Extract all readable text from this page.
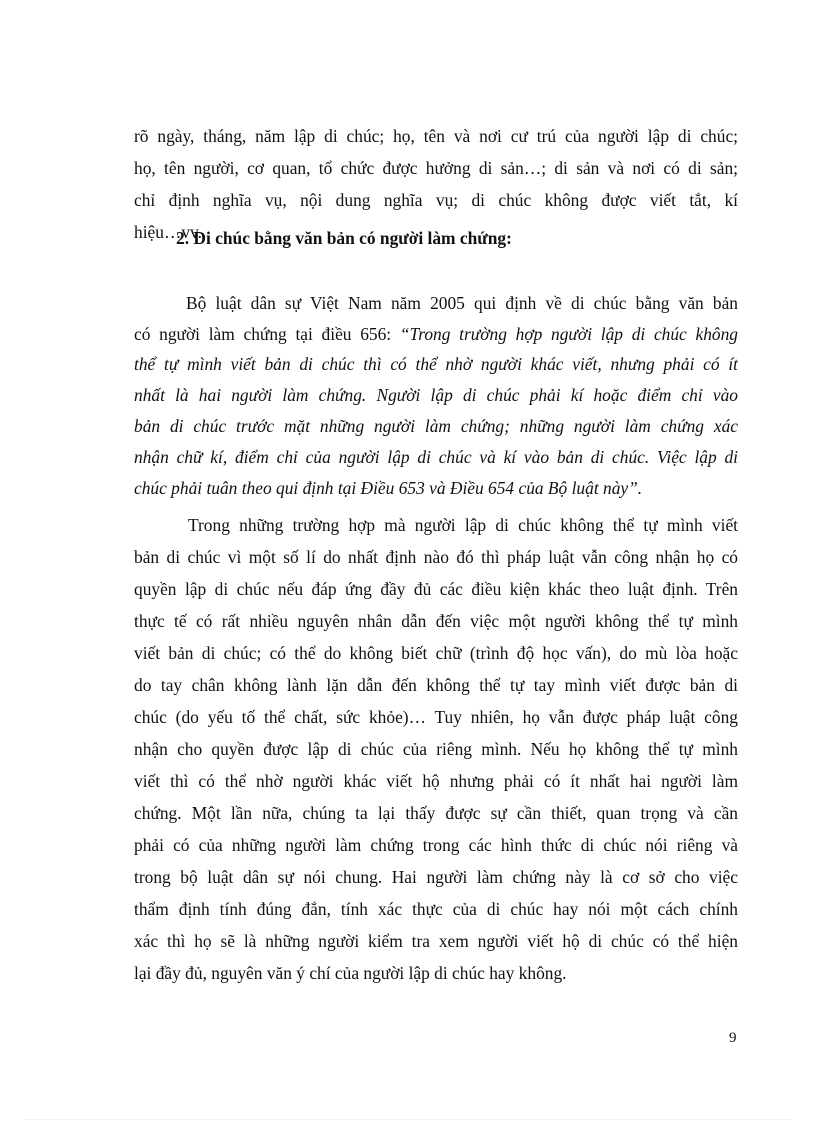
rõ ngày, tháng, năm lập di chúc; họ, tên và nơi cư trú của người lập di chúc;
họ, tên người, cơ quan, tổ chức được hưởng di sản…; di sản và nơi có di sản;
chỉ định nghĩa vụ, nội dung nghĩa vụ; di chúc không được viết tắt, kí
hiệu…vv.
2. Di chúc bằng văn bản có người làm chứng:
Bộ luật dân sự Việt Nam năm 2005 qui định về di chúc bằng văn bản
có người làm chứng tại điều 656: “Trong trường hợp người lập di chúc không
thể tự mình viết bản di chúc thì có thể nhờ người khác viết, nhưng phải có ít
nhất là hai người làm chứng. Người lập di chúc phải kí hoặc điểm chỉ vào
bản di chúc trước mặt những người làm chứng; những người làm chứng xác
nhận chữ kí, điểm chỉ của người lập di chúc và kí vào bản di chúc. Việc lập di
chúc phải tuân theo qui định tại Điều 653 và Điều 654 của Bộ luật này”.
Trong những trường hợp mà người lập di chúc không thể tự mình viết
bản di chúc vì một số lí do nhất định nào đó thì pháp luật vẫn công nhận họ có
quyền lập di chúc nếu đáp ứng đầy đủ các điều kiện khác theo luật định. Trên
thực tế có rất nhiều nguyên nhân dẫn đến việc một người không thể tự mình
viết bản di chúc; có thể do không biết chữ (trình độ học vấn), do mù lòa hoặc
do tay chân không lành lặn dẫn đến không thể tự tay mình viết được bản di
chúc (do yếu tố thể chất, sức khỏe)… Tuy nhiên, họ vẫn được pháp luật công
nhận cho quyền được lập di chúc của riêng mình. Nếu họ không thể tự mình
viết thì có thể nhờ người khác viết hộ nhưng phải có ít nhất hai người làm
chứng. Một lần nữa, chúng ta lại thấy được sự cần thiết, quan trọng và cần
phải có của những người làm chứng trong các hình thức di chúc nói riêng và
trong bộ luật dân sự nói chung. Hai người làm chứng này là cơ sở cho việc
thẩm định tính đúng đắn, tính xác thực của di chúc hay nói một cách chính
xác thì họ sẽ là những người kiểm tra xem người viết hộ di chúc có thể hiện
lại đầy đủ, nguyên văn ý chí của người lập di chúc hay không.
9
